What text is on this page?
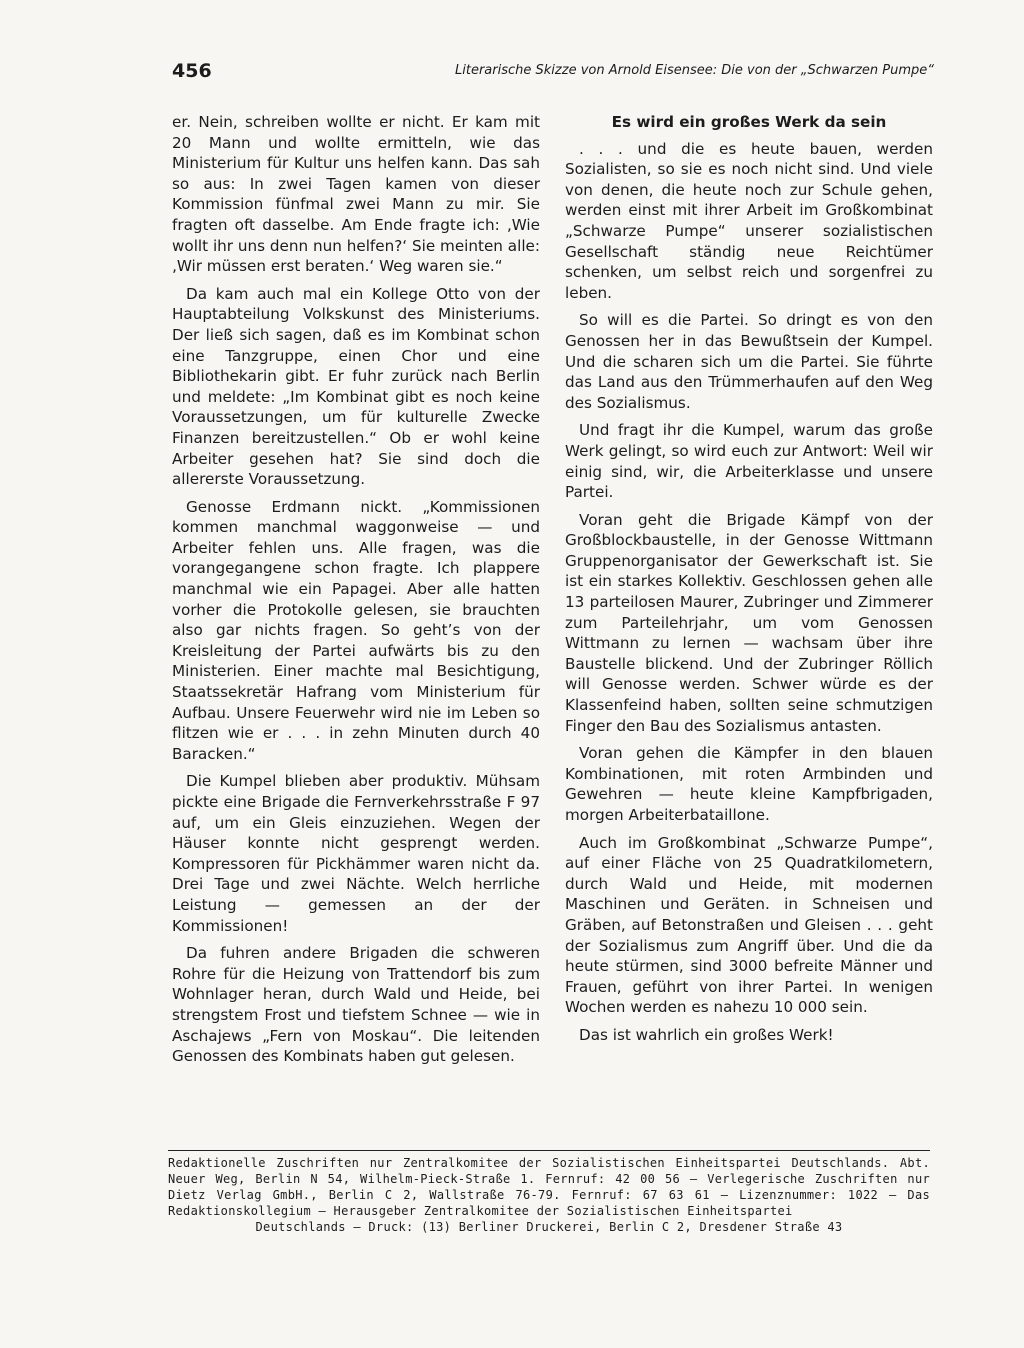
456	Literarische Skizze von Arnold Eisensee: Die von der „Schwarzen Pumpe“

er. Nein, schreiben wollte er nicht. Er kam mit 20 Mann und wollte ermitteln, wie das Ministerium für Kultur uns helfen kann. Das sah so aus: In zwei Tagen kamen von dieser Kommission fünfmal zwei Mann zu mir. Sie fragten oft dasselbe. Am Ende fragte ich: ‚Wie wollt ihr uns denn nun helfen?‘ Sie meinten alle: ‚Wir müssen erst beraten.‘ Weg waren sie.“

Da kam auch mal ein Kollege Otto von der Hauptabteilung Volkskunst des Ministeriums. Der ließ sich sagen, daß es im Kombinat schon eine Tanzgruppe, einen Chor und eine Bibliothekarin gibt. Er fuhr zurück nach Berlin und meldete: „Im Kombinat gibt es noch keine Voraussetzungen, um für kulturelle Zwecke Finanzen bereitzustellen.“ Ob er wohl keine Arbeiter gesehen hat? Sie sind doch die allererste Voraussetzung.

Genosse Erdmann nickt. „Kommissionen kommen manchmal waggonweise — und Arbeiter fehlen uns. Alle fragen, was die vorangegangene schon fragte. Ich plappere manchmal wie ein Papagei. Aber alle hatten vorher die Protokolle gelesen, sie brauchten also gar nichts fragen. So geht’s von der Kreisleitung der Partei aufwärts bis zu den Ministerien. Einer machte mal Besichtigung, Staatssekretär Hafrang vom Ministerium für Aufbau. Unsere Feuerwehr wird nie im Leben so flitzen wie er . . . in zehn Minuten durch 40 Baracken.“

Die Kumpel blieben aber produktiv. Mühsam pickte eine Brigade die Fernverkehrsstraße F 97 auf, um ein Gleis einzuziehen. Wegen der Häuser konnte nicht gesprengt werden. Kompressoren für Pickhämmer waren nicht da. Drei Tage und zwei Nächte. Welch herrliche Leistung — gemessen an der der Kommissionen!

Da fuhren andere Brigaden die schweren Rohre für die Heizung von Trattendorf bis zum Wohnlager heran, durch Wald und Heide, bei strengstem Frost und tiefstem Schnee — wie in Aschajews „Fern von Moskau“. Die leitenden Genossen des Kombinats haben gut gelesen.

Es wird ein großes Werk da sein

. . . und die es heute bauen, werden Sozialisten, so sie es noch nicht sind. Und viele von denen, die heute noch zur Schule gehen, werden einst mit ihrer Arbeit im Großkombinat „Schwarze Pumpe“ unserer sozialistischen Gesellschaft ständig neue Reichtümer schenken, um selbst reich und sorgenfrei zu leben.

So will es die Partei. So dringt es von den Genossen her in das Bewußtsein der Kumpel. Und die scharen sich um die Partei. Sie führte das Land aus den Trümmerhaufen auf den Weg des Sozialismus.

Und fragt ihr die Kumpel, warum das große Werk gelingt, so wird euch zur Antwort: Weil wir einig sind, wir, die Arbeiterklasse und unsere Partei.

Voran geht die Brigade Kämpf von der Großblockbaustelle, in der Genosse Wittmann Gruppenorganisator der Gewerkschaft ist. Sie ist ein starkes Kollektiv. Geschlossen gehen alle 13 parteilosen Maurer, Zubringer und Zimmerer zum Parteilehrjahr, um vom Genossen Wittmann zu lernen — wachsam über ihre Baustelle blickend. Und der Zubringer Röllich will Genosse werden. Schwer würde es der Klassenfeind haben, sollten seine schmutzigen Finger den Bau des Sozialismus antasten.

Voran gehen die Kämpfer in den blauen Kombinationen, mit roten Armbinden und Gewehren — heute kleine Kampfbrigaden, morgen Arbeiterbataillone.

Auch im Großkombinat „Schwarze Pumpe“, auf einer Fläche von 25 Quadratkilometern, durch Wald und Heide, mit modernen Maschinen und Geräten. in Schneisen und Gräben, auf Betonstraßen und Gleisen . . . geht der Sozialismus zum Angriff über. Und die da heute stürmen, sind 3000 befreite Männer und Frauen, geführt von ihrer Partei. In wenigen Wochen werden es nahezu 10 000 sein.

Das ist wahrlich ein großes Werk!

Redaktionelle Zuschriften nur Zentralkomitee der Sozialistischen Einheitspartei Deutschlands. Abt. Neuer Weg, Berlin N 54, Wilhelm-Pieck-Straße 1. Fernruf: 42 00 56 — Verlegerische Zuschriften nur Dietz Verlag GmbH., Berlin C 2, Wallstraße 76-79. Fernruf: 67 63 61 — Lizenznummer: 1022 — Das Redaktionskollegium — Herausgeber Zentralkomitee der Sozialistischen Einheitspartei
Deutschlands — Druck: (13) Berliner Druckerei, Berlin C 2, Dresdener Straße 43
